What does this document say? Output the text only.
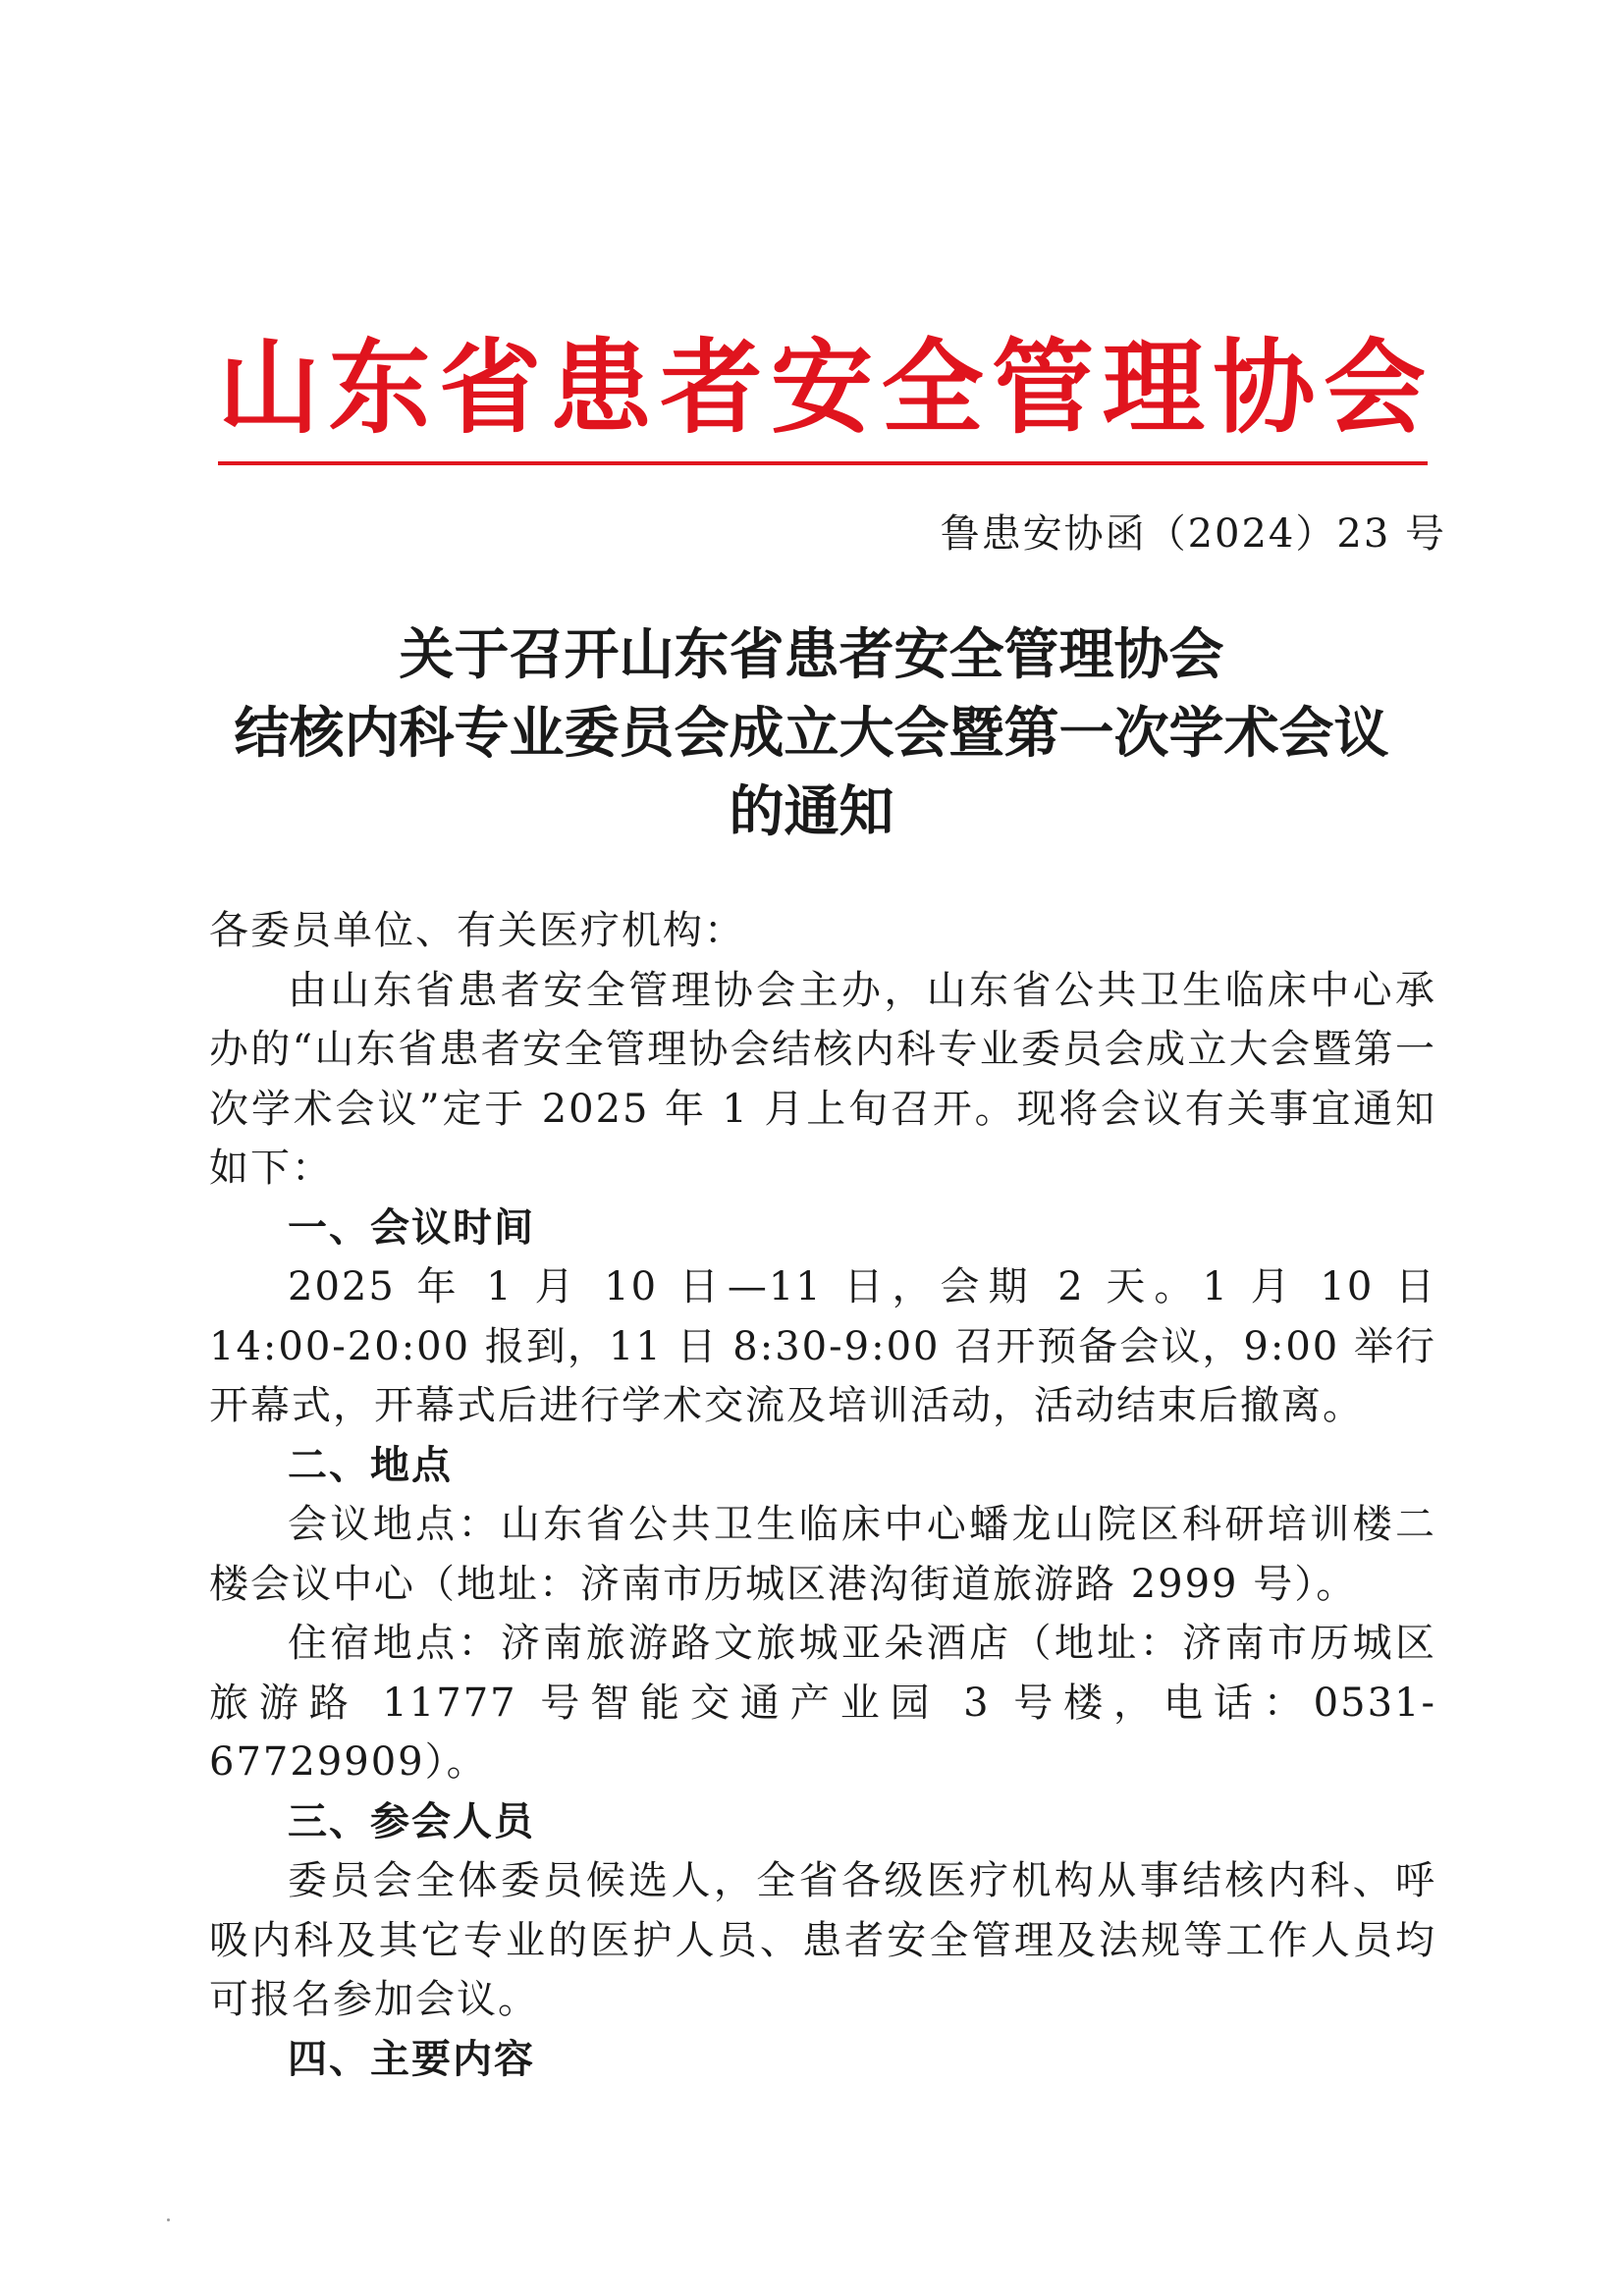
山 东 省 患 者 安 全 管 理 协 会
鲁患安协函（2024）23 号
关于召开山东省患者安全管理协会
结核内科专业委员会成立大会暨第一次学术会议
的通知

各委员单位、有关医疗机构：

由山东省患者安全管理协会主办，山东省公共卫生临床中心承办的“山东省患者安全管理协会结核内科专业委员会成立大会暨第一次学术会议”定于 2025 年 1 月上旬召开。现将会议有关事宜通知如下：

一、会议时间

2025 年 1 月 10 日—11 日，会期 2 天。1 月 10 日 14:00-20:00 报到，11 日 8:30-9:00 召开预备会议，9:00 举行开幕式，开幕式后进行学术交流及培训活动，活动结束后撤离。

二、地点

会议地点：山东省公共卫生临床中心蟠龙山院区科研培训楼二楼会议中心（地址：济南市历城区港沟街道旅游路 2999 号）。

住宿地点：济南旅游路文旅城亚朵酒店（地址：济南市历城区旅游路 11777 号智能交通产业园 3 号楼，电话：0531-67729909）。

三、参会人员

委员会全体委员候选人，全省各级医疗机构从事结核内科、呼吸内科及其它专业的医护人员、患者安全管理及法规等工作人员均可报名参加会议。

四、主要内容
